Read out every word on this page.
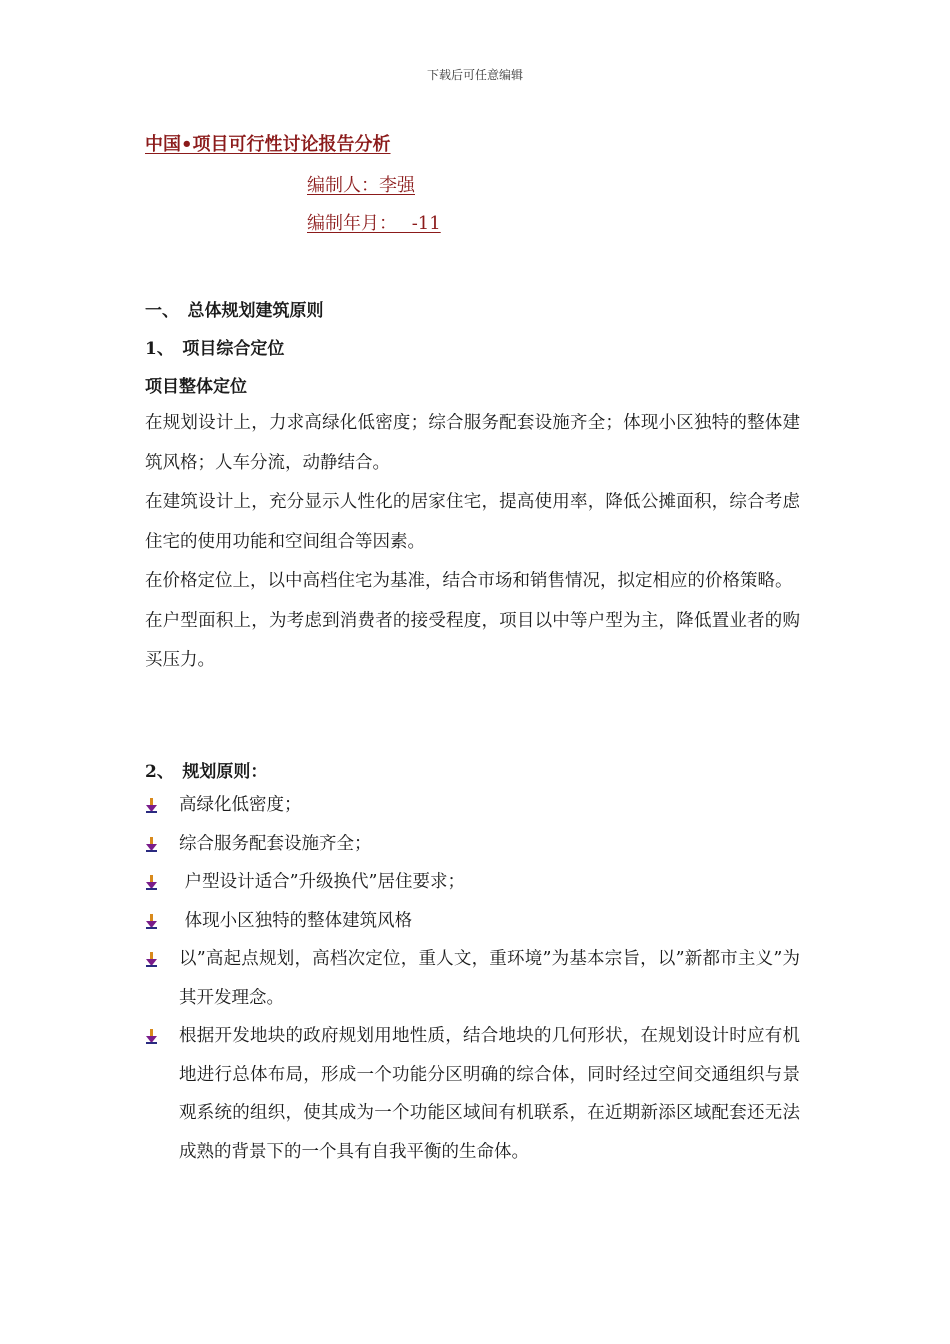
下载后可任意编辑
中国•项目可行性讨论报告分析
编制人：李强
编制年月：　 -11
一、　总体规划建筑原则
1、　项目综合定位
项目整体定位

在规划设计上，力求高绿化低密度；综合服务配套设施齐全；体现小区独特的整体建筑风格；人车分流，动静结合。

在建筑设计上，充分显示人性化的居家住宅，提高使用率，降低公摊面积，综合考虑住宅的使用功能和空间组合等因素。

在价格定位上，以中高档住宅为基准，结合市场和销售情况，拟定相应的价格策略。

在户型面积上，为考虑到消费者的接受程度，项目以中等户型为主，降低置业者的购买压力。

2、　规划原则：
高绿化低密度；
综合服务配套设施齐全；
户型设计适合”升级换代”居住要求；
体现小区独特的整体建筑风格
以”高起点规划，高档次定位，重人文，重环境”为基本宗旨，以”新都市主义”为其开发理念。
根据开发地块的政府规划用地性质，结合地块的几何形状，在规划设计时应有机地进行总体布局，形成一个功能分区明确的综合体，同时经过空间交通组织与景观系统的组织，使其成为一个功能区域间有机联系，在近期新添区域配套还无法成熟的背景下的一个具有自我平衡的生命体。
